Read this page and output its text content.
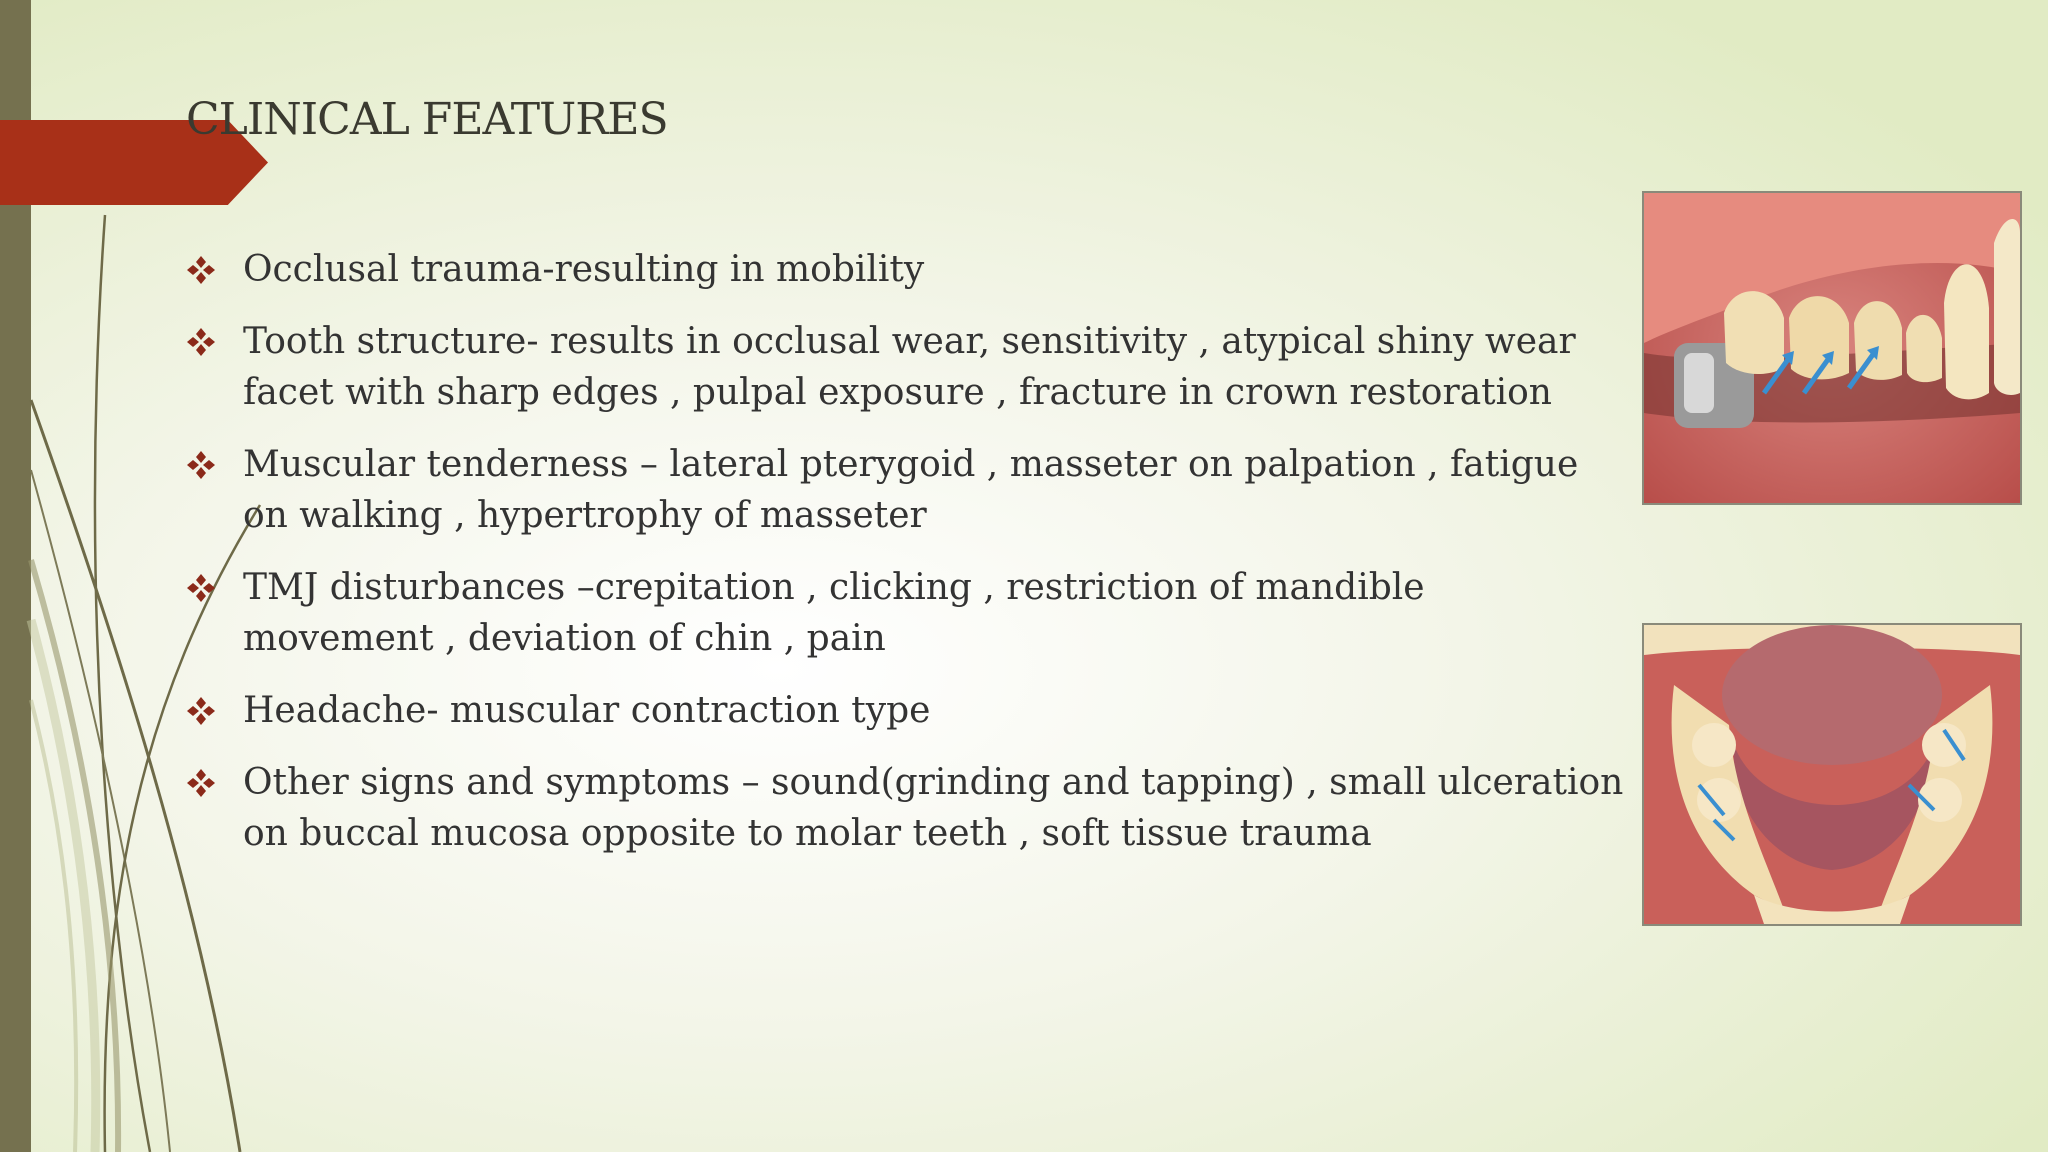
CLINICAL FEATURES
Occlusal trauma-resulting in mobility
Tooth structure- results in occlusal wear, sensitivity , atypical shiny wear facet with sharp edges , pulpal exposure , fracture in crown restoration
Muscular tenderness – lateral pterygoid , masseter on palpation , fatigue on walking , hypertrophy of masseter
TMJ disturbances –crepitation , clicking , restriction of mandible movement , deviation of chin , pain
Headache- muscular contraction type
Other signs and symptoms – sound(grinding and tapping) , small ulceration on buccal mucosa opposite to molar teeth , soft tissue trauma
